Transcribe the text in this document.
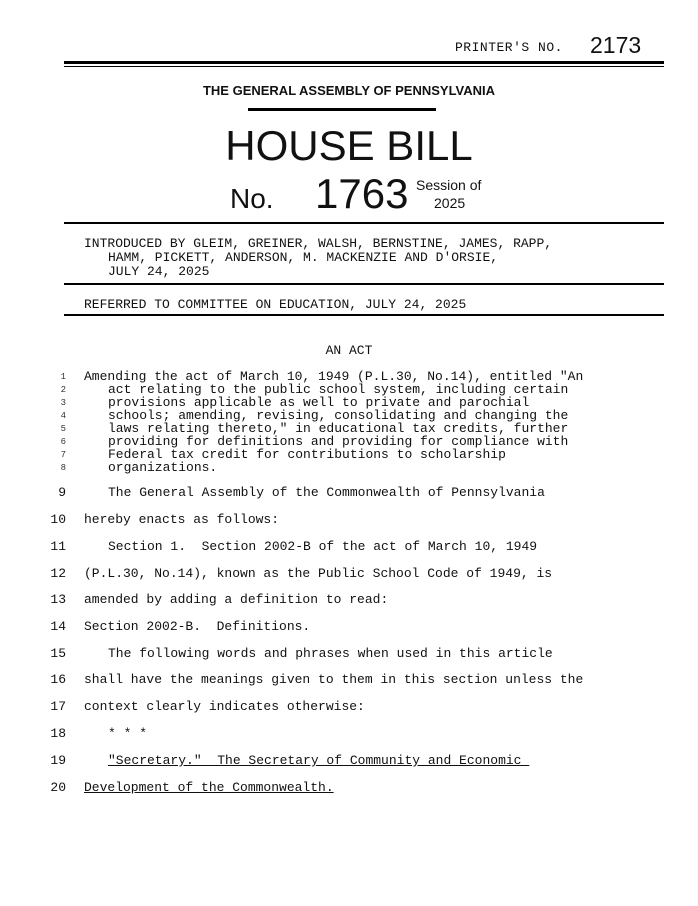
PRINTER'S NO. 2173
THE GENERAL ASSEMBLY OF PENNSYLVANIA
HOUSE BILL
No. 1763 Session of
2025
INTRODUCED BY GLEIM, GREINER, WALSH, BERNSTINE, JAMES, RAPP,
HAMM, PICKETT, ANDERSON, M. MACKENZIE AND D'ORSIE,
JULY 24, 2025
REFERRED TO COMMITTEE ON EDUCATION, JULY 24, 2025
AN ACT
1 Amending the act of March 10, 1949 (P.L.30, No.14), entitled "An
2	act relating to the public school system, including certain
3	provisions applicable as well to private and parochial
4	schools; amending, revising, consolidating and changing the
5	laws relating thereto," in educational tax credits, further
6	providing for definitions and providing for compliance with
7	Federal tax credit for contributions to scholarship
8	organizations.
9	The General Assembly of the Commonwealth of Pennsylvania
10 hereby enacts as follows:
11	Section 1.  Section 2002-B of the act of March 10, 1949
12 (P.L.30, No.14), known as the Public School Code of 1949, is
13 amended by adding a definition to read:
14 Section 2002-B.  Definitions.
15	The following words and phrases when used in this article
16 shall have the meanings given to them in this section unless the
17 context clearly indicates otherwise:
18	* * *
19	"Secretary."  The Secretary of Community and Economic
20 Development of the Commonwealth.
